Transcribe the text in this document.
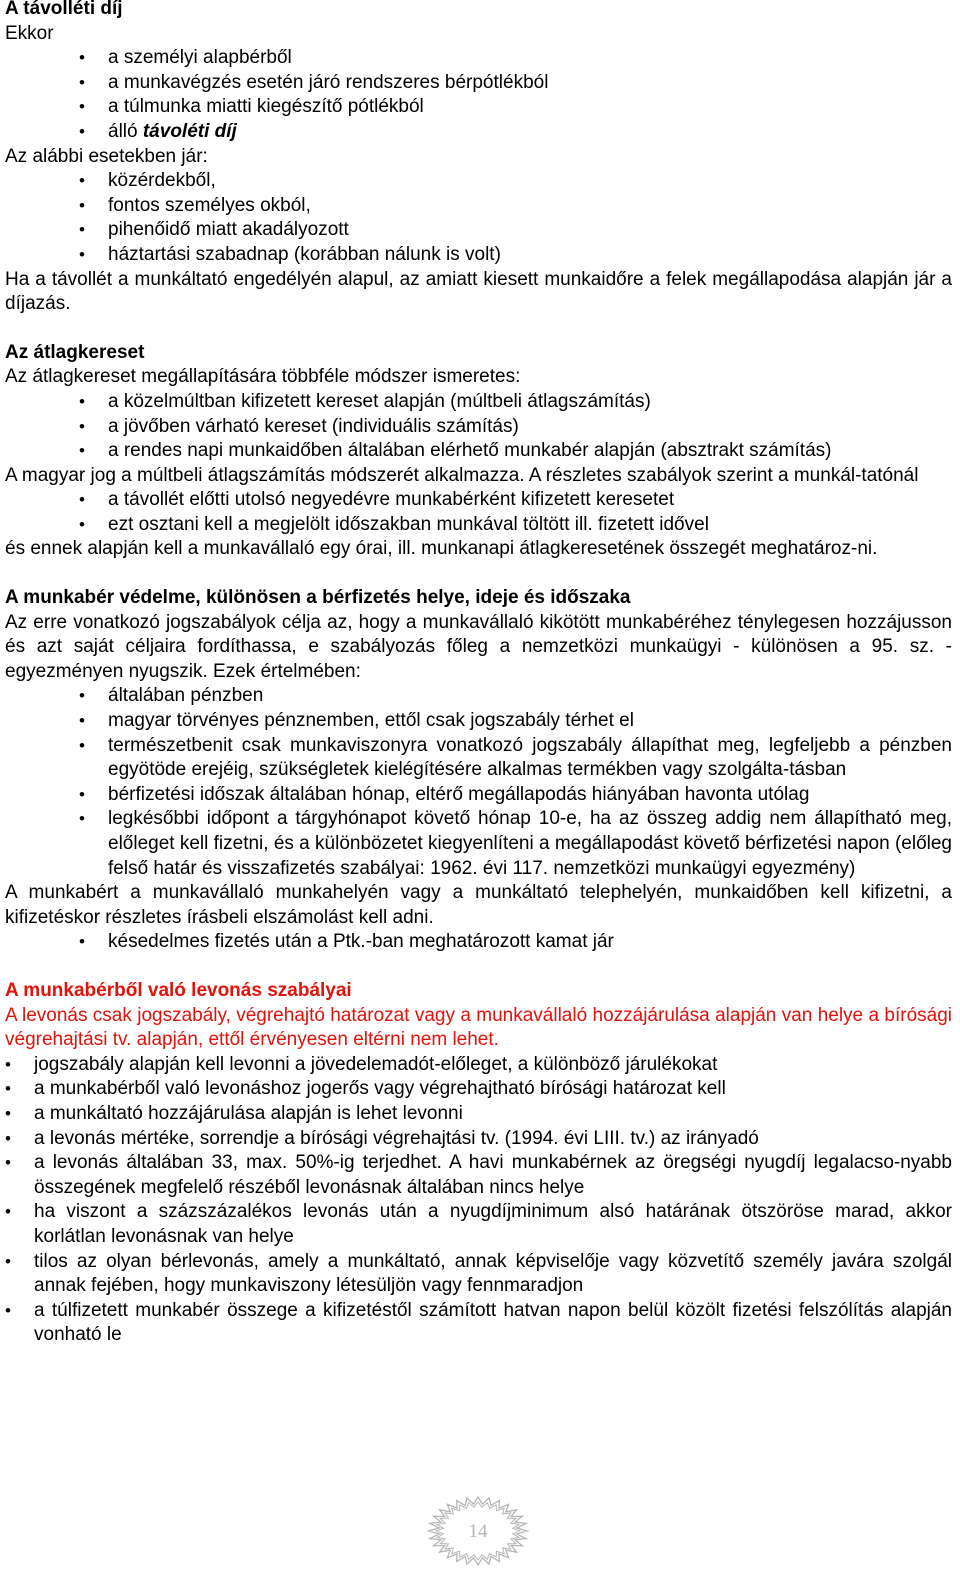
A távolléti díj
Ekkor
• a személyi alapbérből
• a munkavégzés esetén járó rendszeres bérpótlékból
• a túlmunka miatti kiegészítő pótlékból
• álló távoléti díj
Az alábbi esetekben jár:
• közérdekből,
• fontos személyes okból,
• pihenőidő miatt akadályozott
• háztartási szabadnap (korábban nálunk is volt)
Ha a távollét a munkáltató engedélyén alapul, az amiatt kiesett munkaidőre a felek megállapodása alapján jár a díjazás.
Az átlagkereset
Az átlagkereset megállapítására többféle módszer ismeretes:
• a közelmúltban kifizetett kereset alapján (múltbeli átlagszámítás)
• a jövőben várható kereset (individuális számítás)
• a rendes napi munkaidőben általában elérhető munkabér alapján (absztrakt számítás)
A magyar jog a múltbeli átlagszámítás módszerét alkalmazza. A részletes szabályok szerint a munkál-tatónál
• a távollét előtti utolsó negyedévre munkabérként kifizetett keresetet
• ezt osztani kell a megjelölt időszakban munkával töltött ill. fizetett idővel
és ennek alapján kell a munkavállaló egy órai, ill. munkanapi átlagkeresetének összegét meghatároz-ni.
A munkabér védelme, különösen a bérfizetés helye, ideje és időszaka
Az erre vonatkozó jogszabályok célja az, hogy a munkavállaló kikötött munkabéréhez ténylegesen hozzájusson és azt saját céljaira fordíthassa, e szabályozás főleg a nemzetközi munkaügyi - különösen a 95. sz. - egyezményen nyugszik. Ezek értelmében:
• általában pénzben
• magyar törvényes pénznemben, ettől csak jogszabály térhet el
• természetbenit csak munkaviszonyra vonatkozó jogszabály állapíthat meg, legfeljebb a pénzben egyötöde erejéig, szükségletek kielégítésére alkalmas termékben vagy szolgálta-tásban
• bérfizetési időszak általában hónap, eltérő megállapodás hiányában havonta utólag
• legkésőbbi időpont a tárgyhónapot követő hónap 10-e, ha az összeg addig nem állapítható meg, előleget kell fizetni, és a különbözetet kiegyenlíteni a megállapodást követő bérfizetési napon (előleg felső határ és visszafizetés szabályai: 1962. évi 117. nemzetközi munkaügyi egyezmény)
A munkabért a munkavállaló munkahelyén vagy a munkáltató telephelyén, munkaidőben kell kifizetni, a kifizetéskor részletes írásbeli elszámolást kell adni.
• késedelmes fizetés után a Ptk.-ban meghatározott kamat jár
A munkabérből való levonás szabályai
A levonás csak jogszabály, végrehajtó határozat vagy a munkavállaló hozzájárulása alapján van helye a bírósági végrehajtási tv. alapján, ettől érvényesen eltérni nem lehet.
• jogszabály alapján kell levonni a jövedelemadót-előleget, a különböző járulékokat
• a munkabérből való levonáshoz jogerős vagy végrehajtható bírósági határozat kell
• a munkáltató hozzájárulása alapján is lehet levonni
• a levonás mértéke, sorrendje a bírósági végrehajtási tv. (1994. évi LIII. tv.) az irányadó
• a levonás általában 33, max. 50%-ig terjedhet. A havi munkabérnek az öregségi nyugdíj legalacso-nyabb összegének megfelelő részéből levonásnak általában nincs helye
• ha viszont a százszázalékos levonás után a nyugdíjminimum alsó határának ötszöröse marad, akkor korlátlan levonásnak van helye
• tilos az olyan bérlevonás, amely a munkáltató, annak képviselője vagy közvetítő személy javára szolgál annak fejében, hogy munkaviszony létesüljön vagy fennmaradjon
• a túlfizetett munkabér összege a kifizetéstől számított hatvan napon belül közölt fizetési felszólítás alapján vonható le
14
